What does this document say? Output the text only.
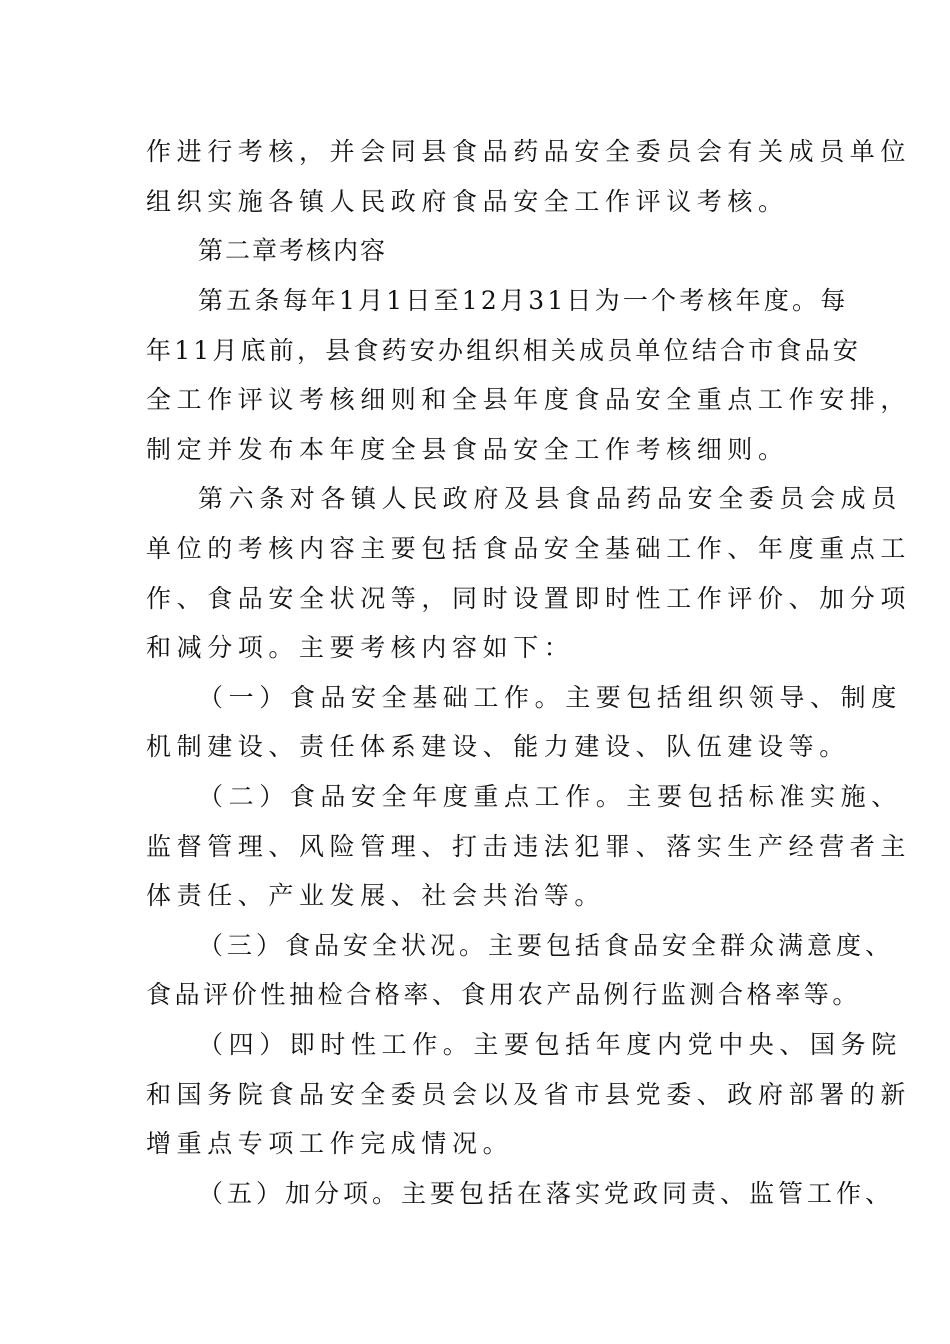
作进行考核，并会同县食品药品安全委员会有关成员单位
组织实施各镇人民政府食品安全工作评议考核。
第二章考核内容
第五条每年1月1日至12月31日为一个考核年度。每
年11月底前，县食药安办组织相关成员单位结合市食品安
全工作评议考核细则和全县年度食品安全重点工作安排，
制定并发布本年度全县食品安全工作考核细则。
第六条对各镇人民政府及县食品药品安全委员会成员
单位的考核内容主要包括食品安全基础工作、年度重点工
作、食品安全状况等，同时设置即时性工作评价、加分项
和减分项。主要考核内容如下：
（一）食品安全基础工作。主要包括组织领导、制度
机制建设、责任体系建设、能力建设、队伍建设等。
（二）食品安全年度重点工作。主要包括标准实施、
监督管理、风险管理、打击违法犯罪、落实生产经营者主
体责任、产业发展、社会共治等。
（三）食品安全状况。主要包括食品安全群众满意度、
食品评价性抽检合格率、食用农产品例行监测合格率等。
（四）即时性工作。主要包括年度内党中央、国务院
和国务院食品安全委员会以及省市县党委、政府部署的新
增重点专项工作完成情况。
（五）加分项。主要包括在落实党政同责、监管工作、
